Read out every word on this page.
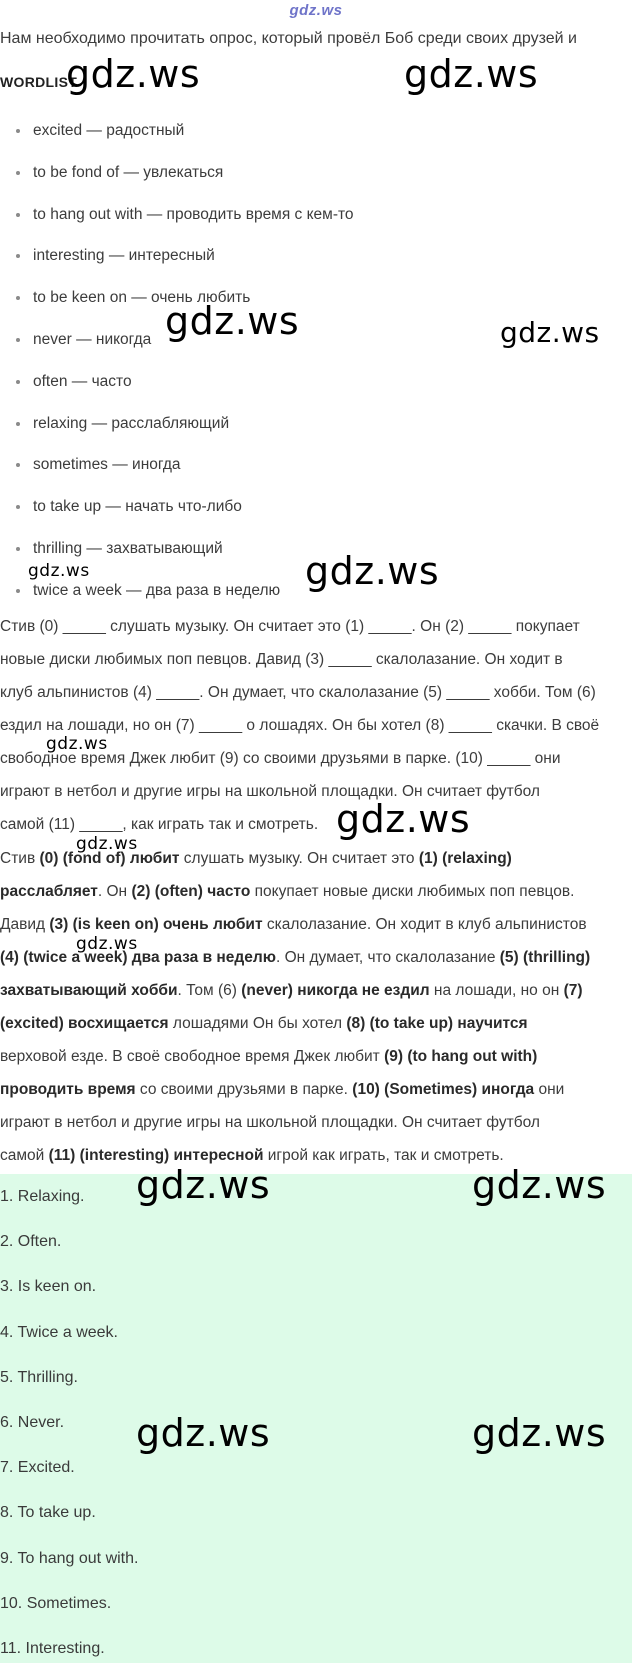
gdz.ws
Нам необходимо прочитать опрос, который провёл Боб среди своих друзей и
WORDLIST
excited — радостный
to be fond of — увлекаться
to hang out with — проводить время с кем-то
interesting — интересный
to be keen on — очень любить
never — никогда
often — часто
relaxing — расслабляющий
sometimes — иногда
to take up — начать что-либо
thrilling — захватывающий
twice a week — два раза в неделю
Стив (0) _____ слушать музыку. Он считает это (1) _____. Он (2) _____ покупает
новые диски любимых поп певцов. Давид (3) _____ скалолазание. Он ходит в
клуб альпинистов (4) _____. Он думает, что скалолазание (5) _____ хобби. Том (6)
ездил на лошади, но он (7) _____ о лошадях. Он бы хотел (8) _____ скачки. В своё
свободное время Джек любит (9) со своими друзьями в парке. (10) _____ они
играют в нетбол и другие игры на школьной площадки. Он считает футбол
самой (11) _____, как играть так и смотреть.
Стив (0) (fond of) любит слушать музыку. Он считает это (1) (relaxing)
расслабляет. Он (2) (often) часто покупает новые диски любимых поп певцов.
Давид (3) (is keen on) очень любит скалолазание. Он ходит в клуб альпинистов
(4) (twice a week) два раза в неделю. Он думает, что скалолазание (5) (thrilling)
захватывающий хобби. Том (6) (never) никогда не ездил на лошади, но он (7)
(excited) восхищается лошадями Он бы хотел (8) (to take up) научится
верховой езде. В своё свободное время Джек любит (9) (to hang out with)
проводить время со своими друзьями в парке. (10) (Sometimes) иногда они
играют в нетбол и другие игры на школьной площадки. Он считает футбол
самой (11) (interesting) интересной игрой как играть, так и смотреть.
1. Relaxing.
2. Often.
3. Is keen on.
4. Twice a week.
5. Thrilling.
6. Never.
7. Excited.
8. To take up.
9. To hang out with.
10. Sometimes.
11. Interesting.
gdz.ws	gdz.ws
gdz.ws	gdz.ws
gdz.ws
gdz.ws
gdz.ws
gdz.ws
gdz.ws
gdz.ws
gdz.ws	gdz.ws
gdz.ws	gdz.ws
